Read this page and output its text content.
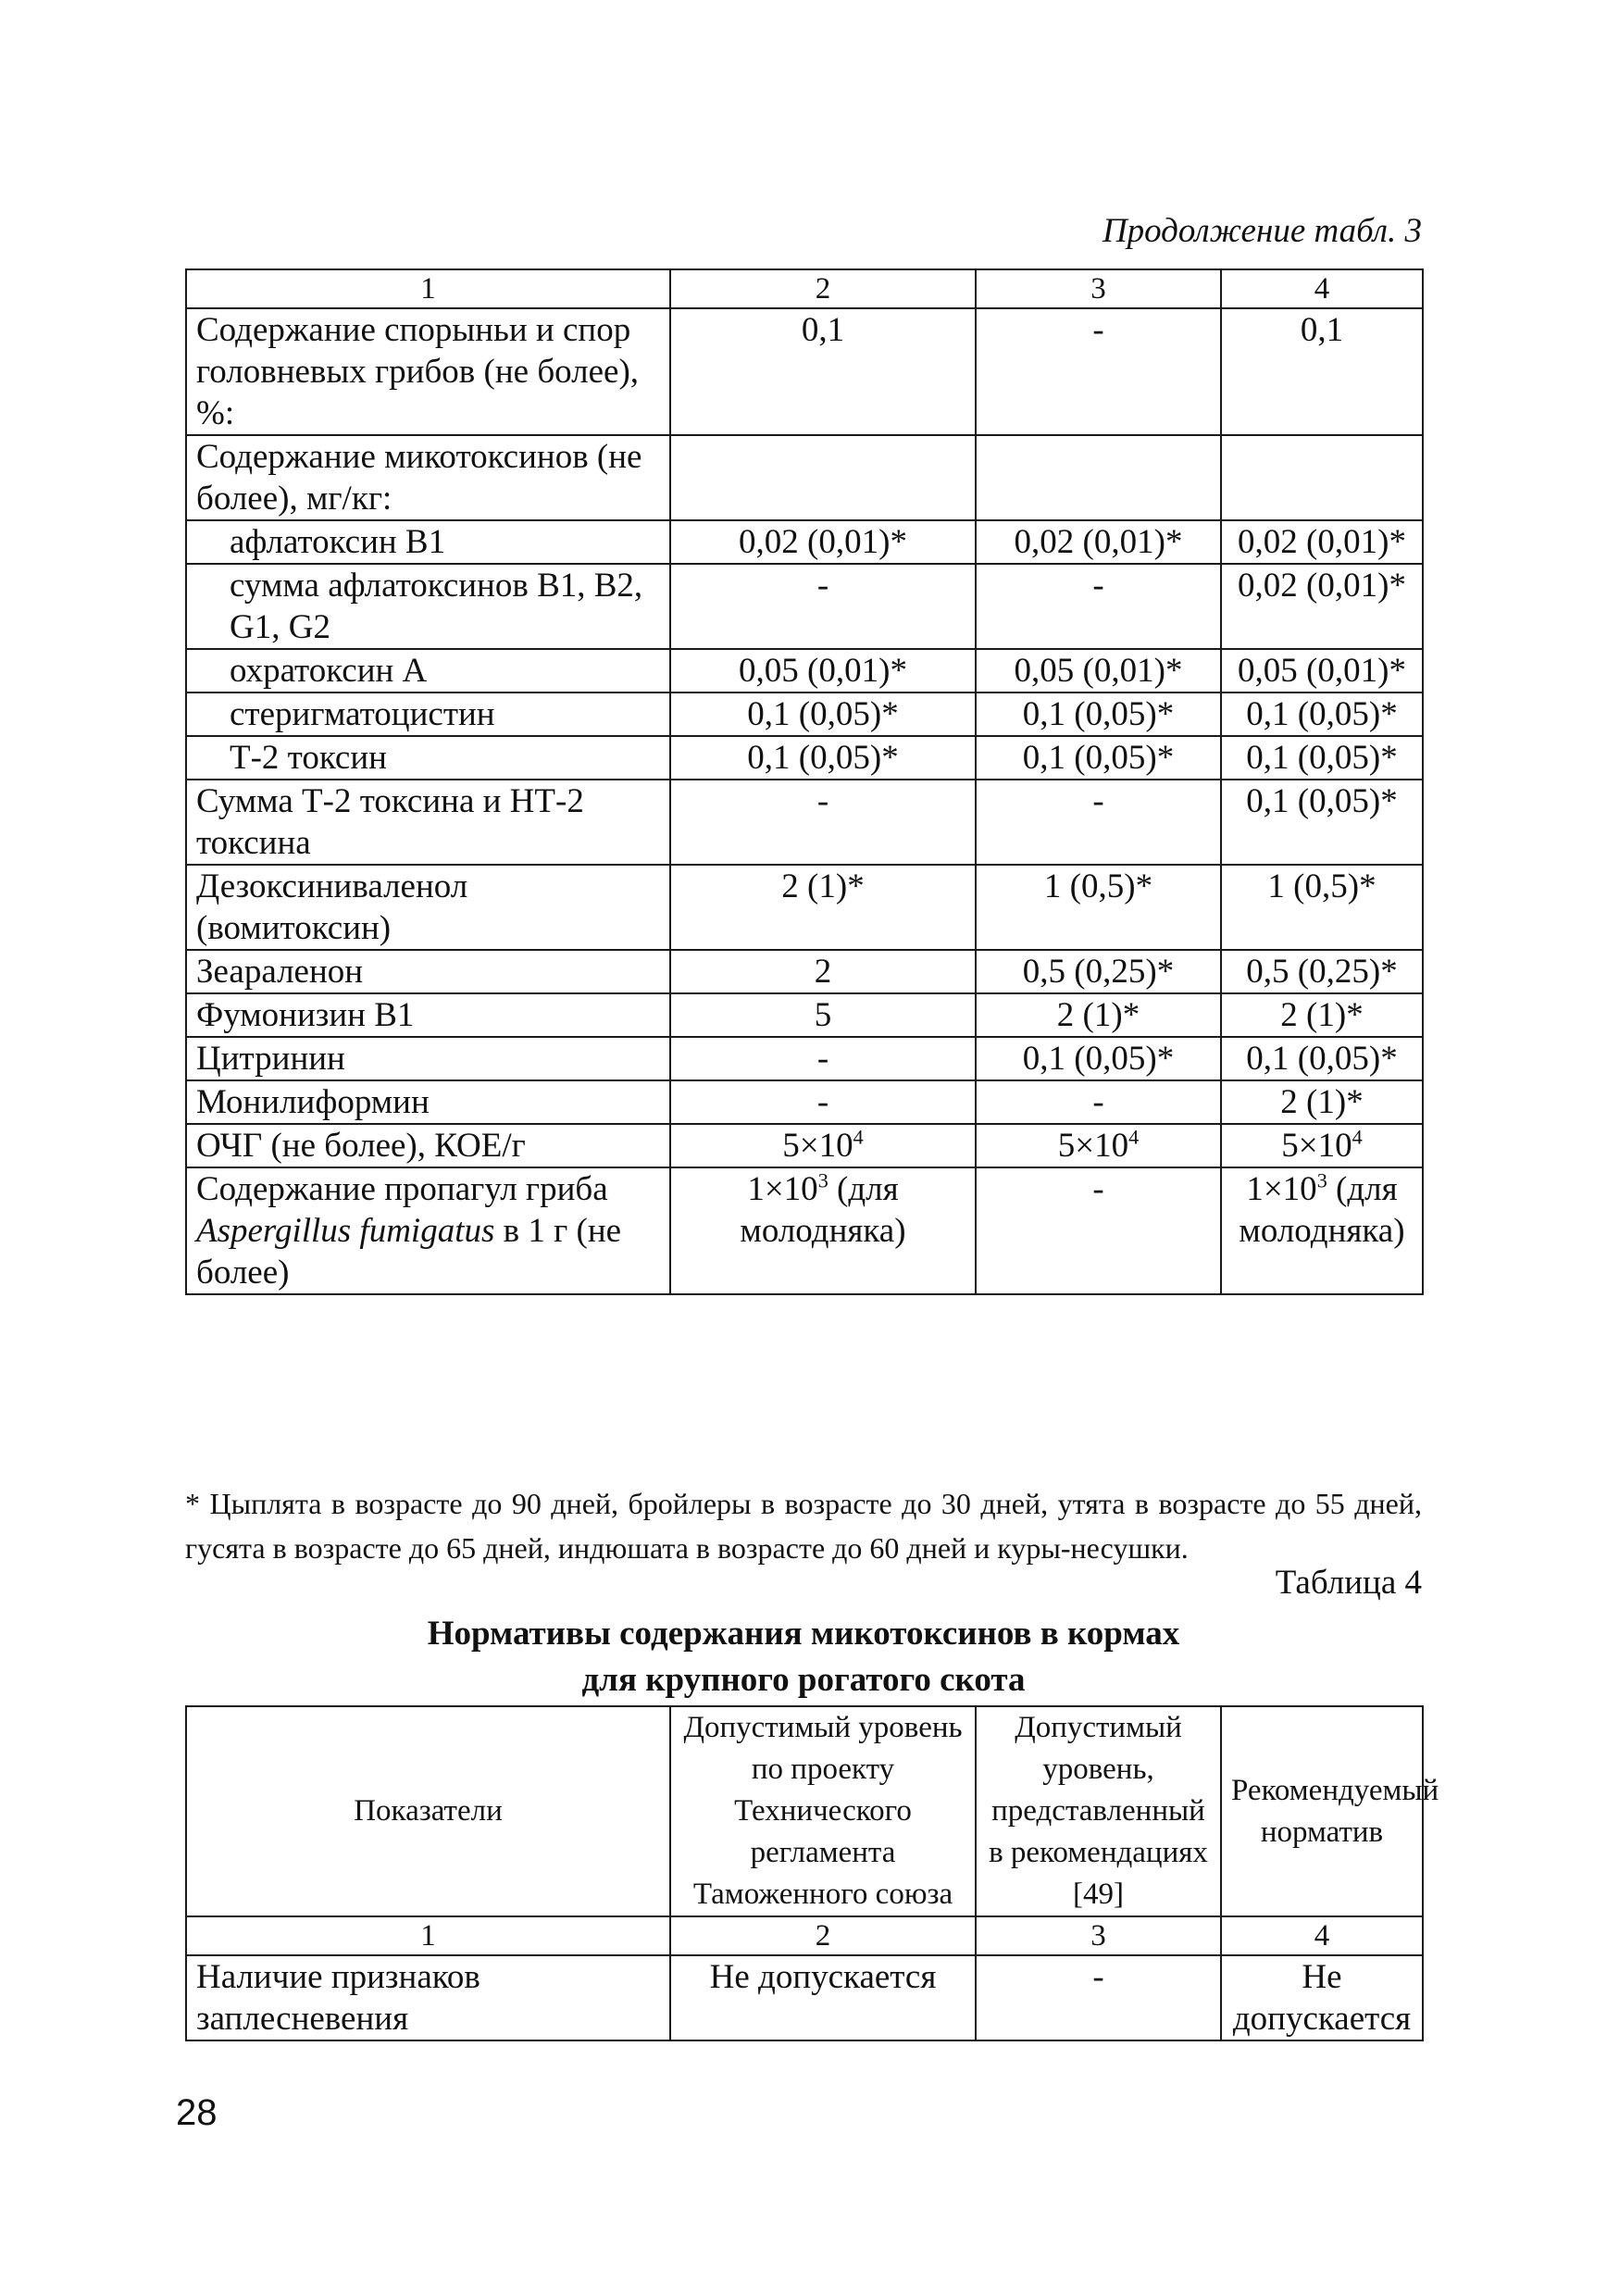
Продолжение табл. 3
1	2	3	4
Содержание спорыньи и спор головневых грибов (не более), %:	0,1	-	0,1
Содержание микотоксинов (не более), мг/кг:			
афлатоксин В1	0,02 (0,01)*	0,02 (0,01)*	0,02 (0,01)*
сумма афлатоксинов В1, В2, G1, G2	-	-	0,02 (0,01)*
охратоксин А	0,05 (0,01)*	0,05 (0,01)*	0,05 (0,01)*
стеригматоцистин	0,1 (0,05)*	0,1 (0,05)*	0,1 (0,05)*
Т-2 токсин	0,1 (0,05)*	0,1 (0,05)*	0,1 (0,05)*
Сумма Т-2 токсина и НТ-2 токсина	-	-	0,1 (0,05)*
Дезоксиниваленол (вомитоксин)	2 (1)*	1 (0,5)*	1 (0,5)*
Зеараленон	2	0,5 (0,25)*	0,5 (0,25)*
Фумонизин В1	5	2 (1)*	2 (1)*
Цитринин	-	0,1 (0,05)*	0,1 (0,05)*
Монилиформин	-	-	2 (1)*
ОЧГ (не более), КОЕ/г	$5\times 10^4$	$5\times 10^4$	$5\times 10^4$
Содержание пропагул гриба Aspergillus fumigatus в 1 г (не более)	$1\times 10^3$ (для молодняка)	-	$1\times 10^3$ (для молодняка)
* Цыплята в возрасте до 90 дней, бройлеры в возрасте до 30 дней, утята в возрасте до 55 дней, гусята в возрасте до 65 дней, индюшата в возрасте до 60 дней и куры-несушки.
Таблица 4
Нормативы содержания микотоксинов в кормах
для крупного рогатого скота
Показатели	Допустимый уровень по проекту Технического регламента Таможенного союза	Допустимый уровень, представленный в рекомендациях [49]	Рекомендуемый норматив
1	2	3	4
Наличие признаков заплесневения	Не допускается	-	Не допускается
28
